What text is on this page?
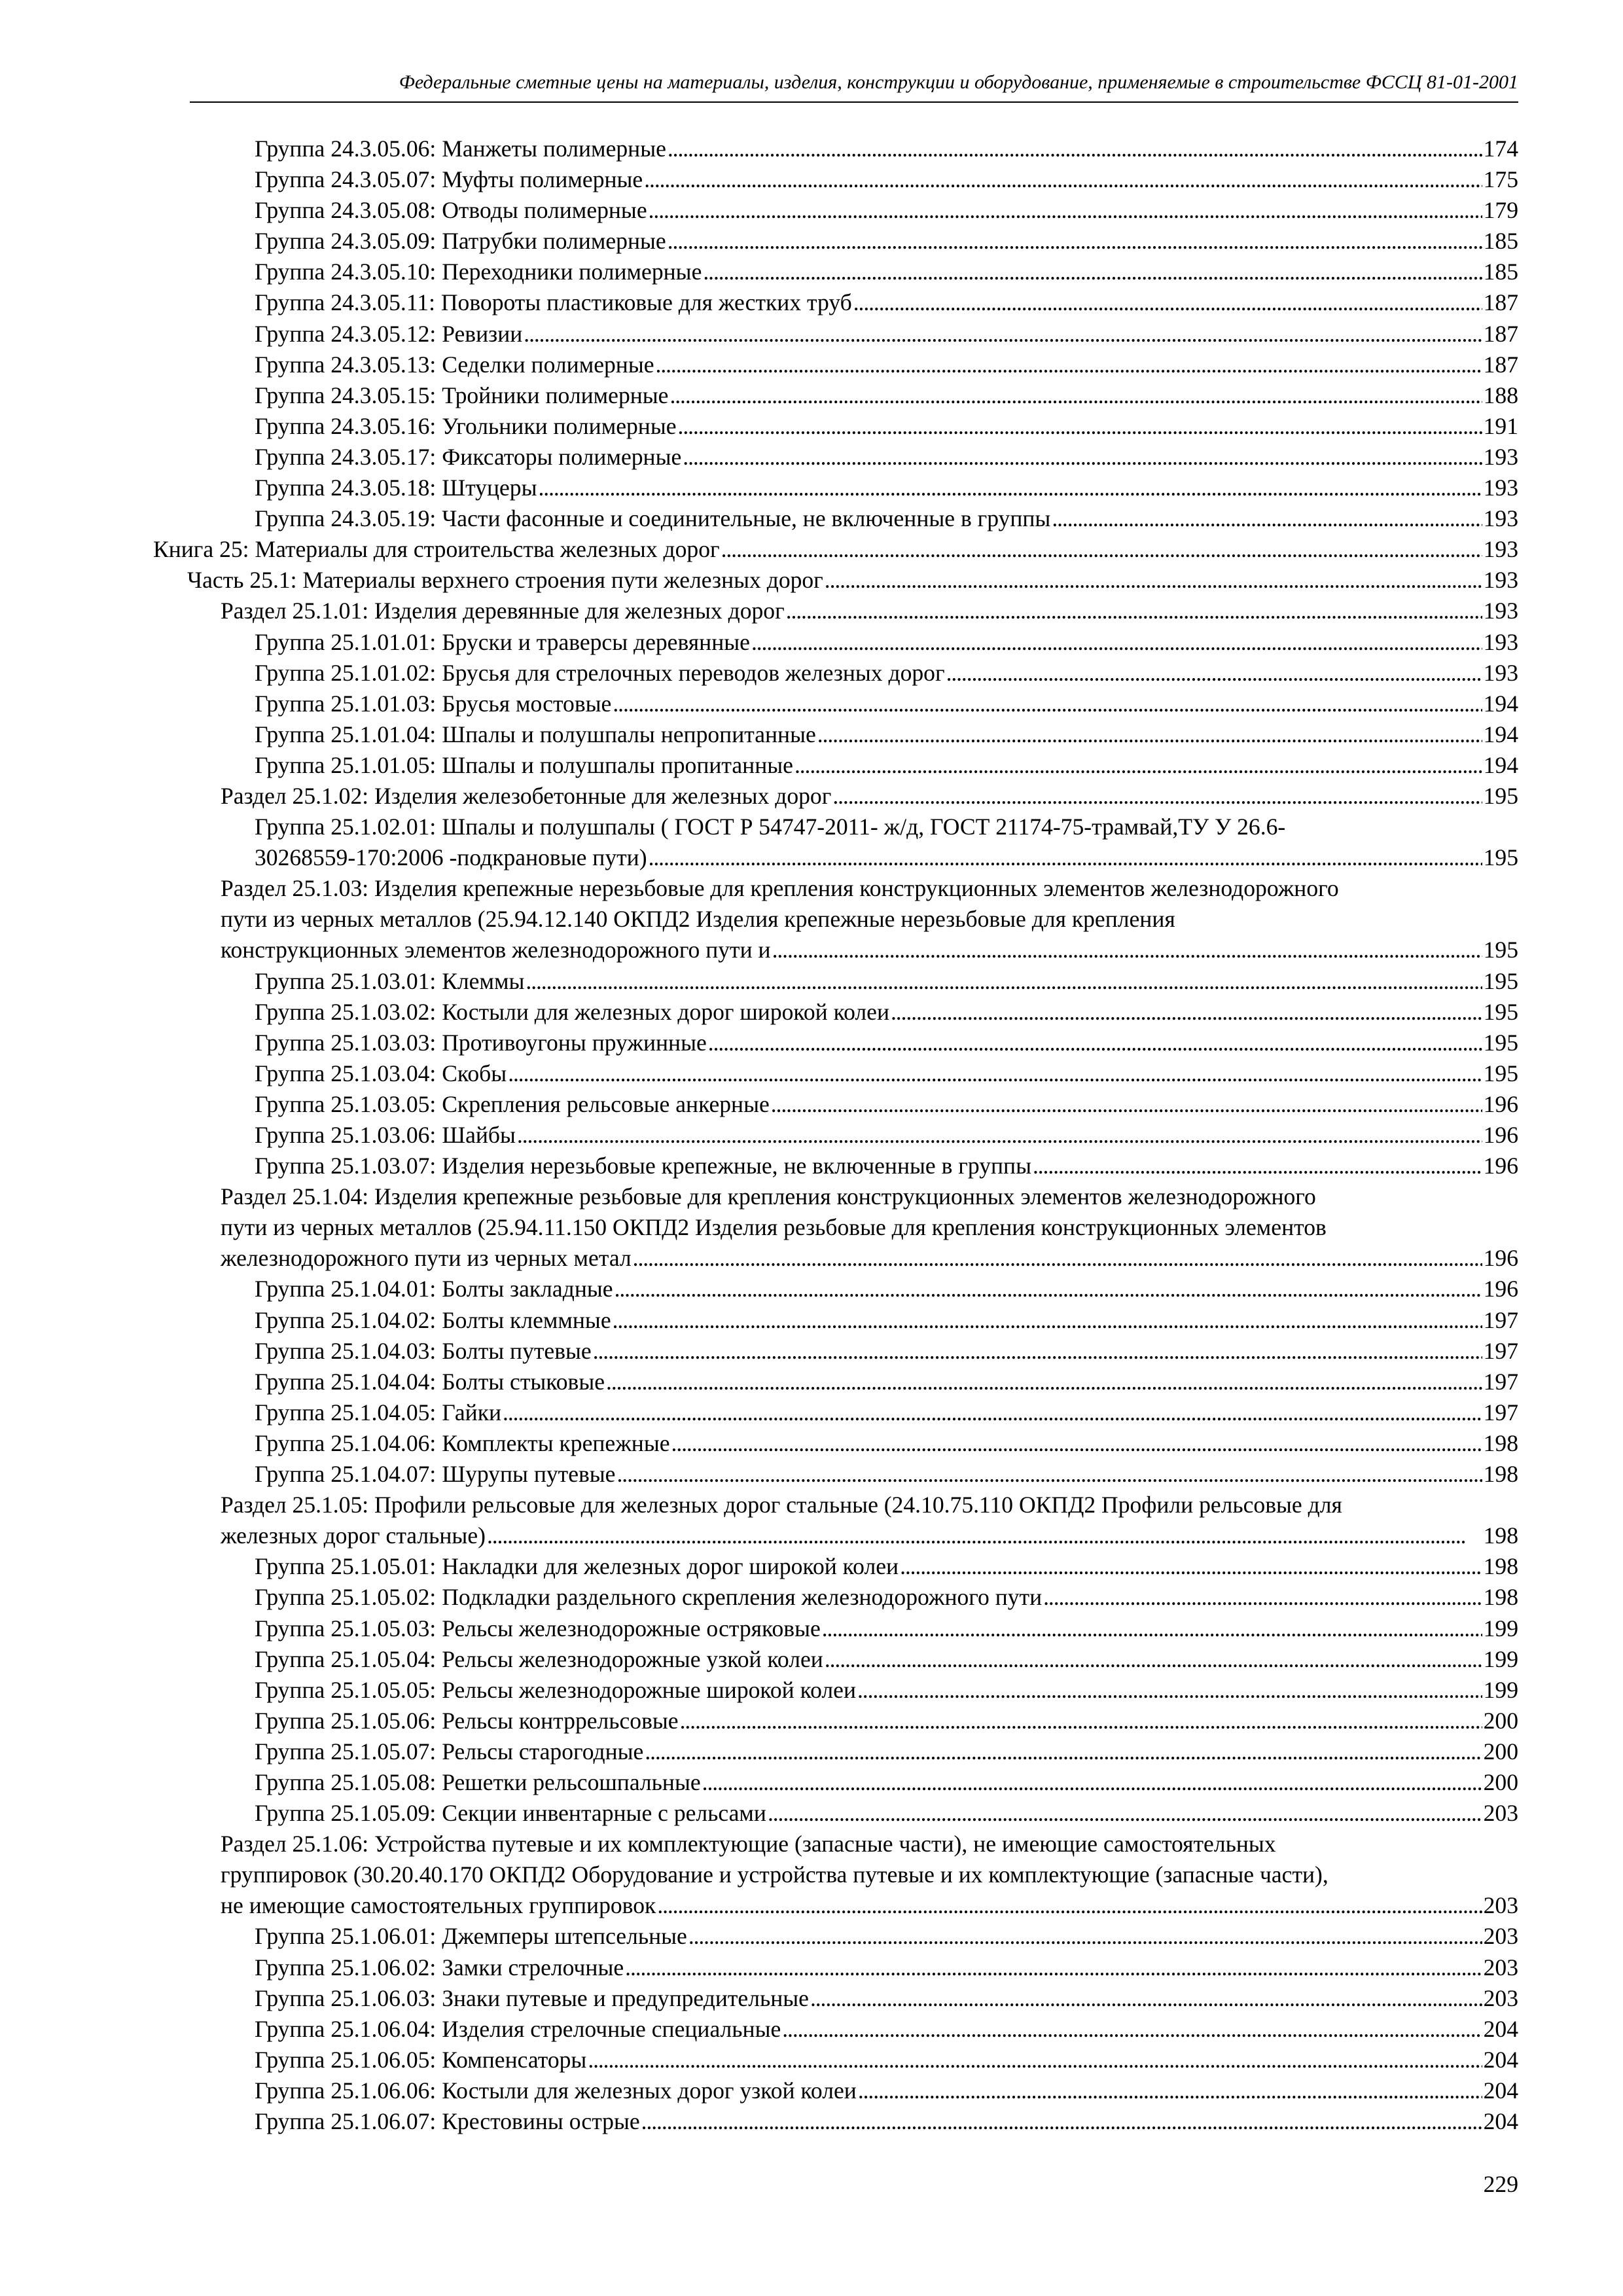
Федеральные сметные цены на материалы, изделия, конструкции и оборудование, применяемые в строительстве ФССЦ 81-01-2001
Группа 24.3.05.06: Манжеты полимерные . . .	174
Группа 24.3.05.07: Муфты полимерные . . .	175
Группа 24.3.05.08: Отводы полимерные . . .	179
Группа 24.3.05.09: Патрубки полимерные . . .	185
Группа 24.3.05.10: Переходники полимерные . . .	185
Группа 24.3.05.11: Повороты пластиковые для жестких труб . . .	187
Группа 24.3.05.12: Ревизии . . .	187
Группа 24.3.05.13: Седелки полимерные . . .	187
Группа 24.3.05.15: Тройники полимерные . . .	188
Группа 24.3.05.16: Угольники полимерные . . .	191
Группа 24.3.05.17: Фиксаторы полимерные . . .	193
Группа 24.3.05.18: Штуцеры . . .	193
Группа 24.3.05.19: Части фасонные и соединительные, не включенные в группы . . .	193
Книга 25: Материалы для строительства железных дорог . . .	193
Часть 25.1: Материалы верхнего строения пути железных дорог . . .	193
Раздел 25.1.01: Изделия деревянные для железных дорог . . .	193
Группа 25.1.01.01: Бруски и траверсы деревянные . . .	193
Группа 25.1.01.02: Брусья для стрелочных переводов железных дорог . . .	193
Группа 25.1.01.03: Брусья мостовые . . .	194
Группа 25.1.01.04: Шпалы и полушпалы непропитанные . . .	194
Группа 25.1.01.05: Шпалы и полушпалы пропитанные . . .	194
Раздел 25.1.02: Изделия железобетонные для железных дорог . . .	195
Группа 25.1.02.01: Шпалы и полушпалы ( ГОСТ Р 54747-2011- ж/д, ГОСТ 21174-75-трамвай,ТУ У 26.6-
30268559-170:2006 -подкрановые пути) . . .	195
Раздел 25.1.03: Изделия крепежные нерезьбовые для крепления конструкционных элементов железнодорожного
пути из черных металлов (25.94.12.140 ОКПД2 Изделия крепежные нерезьбовые для крепления
конструкционных элементов железнодорожного пути и . . .	195
Группа 25.1.03.01: Клеммы . . .	195
Группа 25.1.03.02: Костыли для железных дорог широкой колеи . . .	195
Группа 25.1.03.03: Противоугоны пружинные . . .	195
Группа 25.1.03.04: Скобы . . .	195
Группа 25.1.03.05: Скрепления рельсовые анкерные . . .	196
Группа 25.1.03.06: Шайбы . . .	196
Группа 25.1.03.07: Изделия нерезьбовые крепежные, не включенные в группы . . .	196
Раздел 25.1.04: Изделия крепежные резьбовые для крепления конструкционных элементов железнодорожного
пути из черных металлов (25.94.11.150 ОКПД2 Изделия резьбовые для крепления конструкционных элементов
железнодорожного пути из черных метал . . .	196
Группа 25.1.04.01: Болты закладные . . .	196
Группа 25.1.04.02: Болты клеммные . . .	197
Группа 25.1.04.03: Болты путевые . . .	197
Группа 25.1.04.04: Болты стыковые . . .	197
Группа 25.1.04.05: Гайки . . .	197
Группа 25.1.04.06: Комплекты крепежные . . .	198
Группа 25.1.04.07: Шурупы путевые . . .	198
Раздел 25.1.05: Профили рельсовые для железных дорог стальные (24.10.75.110 ОКПД2 Профили рельсовые для
железных дорог стальные) . . .	198
Группа 25.1.05.01: Накладки для железных дорог широкой колеи . . .	198
Группа 25.1.05.02: Подкладки раздельного скрепления железнодорожного пути . . .	198
Группа 25.1.05.03: Рельсы железнодорожные остряковые . . .	199
Группа 25.1.05.04: Рельсы железнодорожные узкой колеи . . .	199
Группа 25.1.05.05: Рельсы железнодорожные широкой колеи . . .	199
Группа 25.1.05.06: Рельсы контррельсовые . . .	200
Группа 25.1.05.07: Рельсы старогодные . . .	200
Группа 25.1.05.08: Решетки рельсошпальные . . .	200
Группа 25.1.05.09: Секции инвентарные с рельсами . . .	203
Раздел 25.1.06: Устройства путевые и их комплектующие (запасные части), не имеющие самостоятельных
группировок (30.20.40.170 ОКПД2 Оборудование и устройства путевые и их комплектующие (запасные части),
не имеющие самостоятельных группировок . . .	203
Группа 25.1.06.01: Джемперы штепсельные . . .	203
Группа 25.1.06.02: Замки стрелочные . . .	203
Группа 25.1.06.03: Знаки путевые и предупредительные . . .	203
Группа 25.1.06.04: Изделия стрелочные специальные . . .	204
Группа 25.1.06.05: Компенсаторы . . .	204
Группа 25.1.06.06: Костыли для железных дорог узкой колеи . . .	204
Группа 25.1.06.07: Крестовины острые . . .	204
229
